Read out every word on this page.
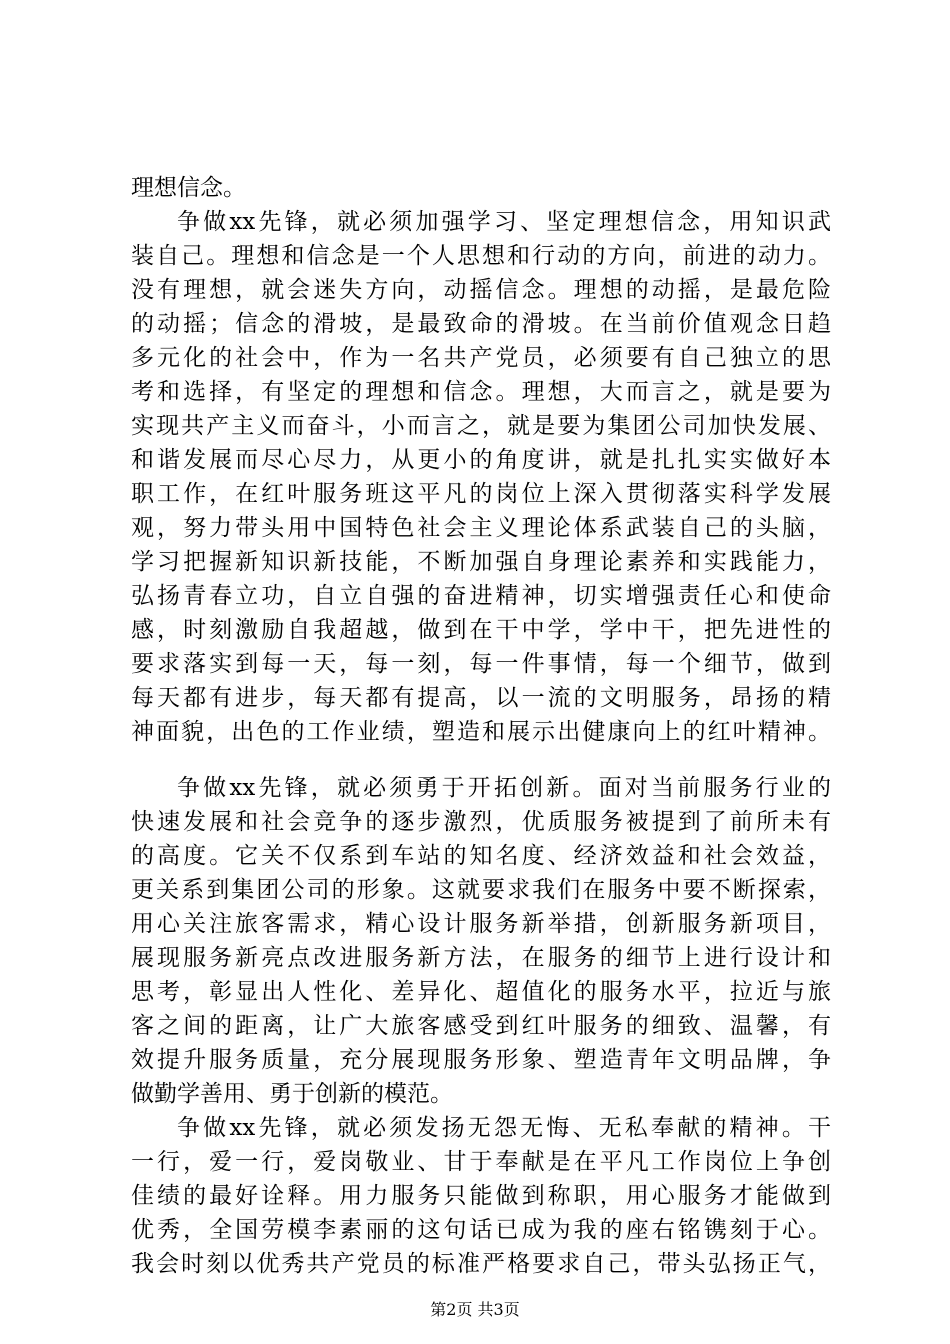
理想信念。
争做xx先锋，就必须加强学习、坚定理想信念，用知识武
装自己。理想和信念是一个人思想和行动的方向，前进的动力。
没有理想，就会迷失方向，动摇信念。理想的动摇，是最危险
的动摇；信念的滑坡，是最致命的滑坡。在当前价值观念日趋
多元化的社会中，作为一名共产党员，必须要有自己独立的思
考和选择，有坚定的理想和信念。理想，大而言之，就是要为
实现共产主义而奋斗，小而言之，就是要为集团公司加快发展、
和谐发展而尽心尽力，从更小的角度讲，就是扎扎实实做好本
职工作，在红叶服务班这平凡的岗位上深入贯彻落实科学发展
观，努力带头用中国特色社会主义理论体系武装自己的头脑，
学习把握新知识新技能，不断加强自身理论素养和实践能力，
弘扬青春立功，自立自强的奋进精神，切实增强责任心和使命
感，时刻激励自我超越，做到在干中学，学中干，把先进性的
要求落实到每一天，每一刻，每一件事情，每一个细节，做到
每天都有进步，每天都有提高，以一流的文明服务，昂扬的精
神面貌，出色的工作业绩，塑造和展示出健康向上的红叶精神。
争做xx先锋，就必须勇于开拓创新。面对当前服务行业的
快速发展和社会竞争的逐步激烈，优质服务被提到了前所未有
的高度。它关不仅系到车站的知名度、经济效益和社会效益，
更关系到集团公司的形象。这就要求我们在服务中要不断探索，
用心关注旅客需求，精心设计服务新举措，创新服务新项目，
展现服务新亮点改进服务新方法，在服务的细节上进行设计和
思考，彰显出人性化、差异化、超值化的服务水平，拉近与旅
客之间的距离，让广大旅客感受到红叶服务的细致、温馨，有
效提升服务质量，充分展现服务形象、塑造青年文明品牌，争
做勤学善用、勇于创新的模范。
争做xx先锋，就必须发扬无怨无悔、无私奉献的精神。干
一行，爱一行，爱岗敬业、甘于奉献是在平凡工作岗位上争创
佳绩的最好诠释。用力服务只能做到称职，用心服务才能做到
优秀，全国劳模李素丽的这句话已成为我的座右铭镌刻于心。
我会时刻以优秀共产党员的标准严格要求自己，带头弘扬正气，
第2页 共3页
